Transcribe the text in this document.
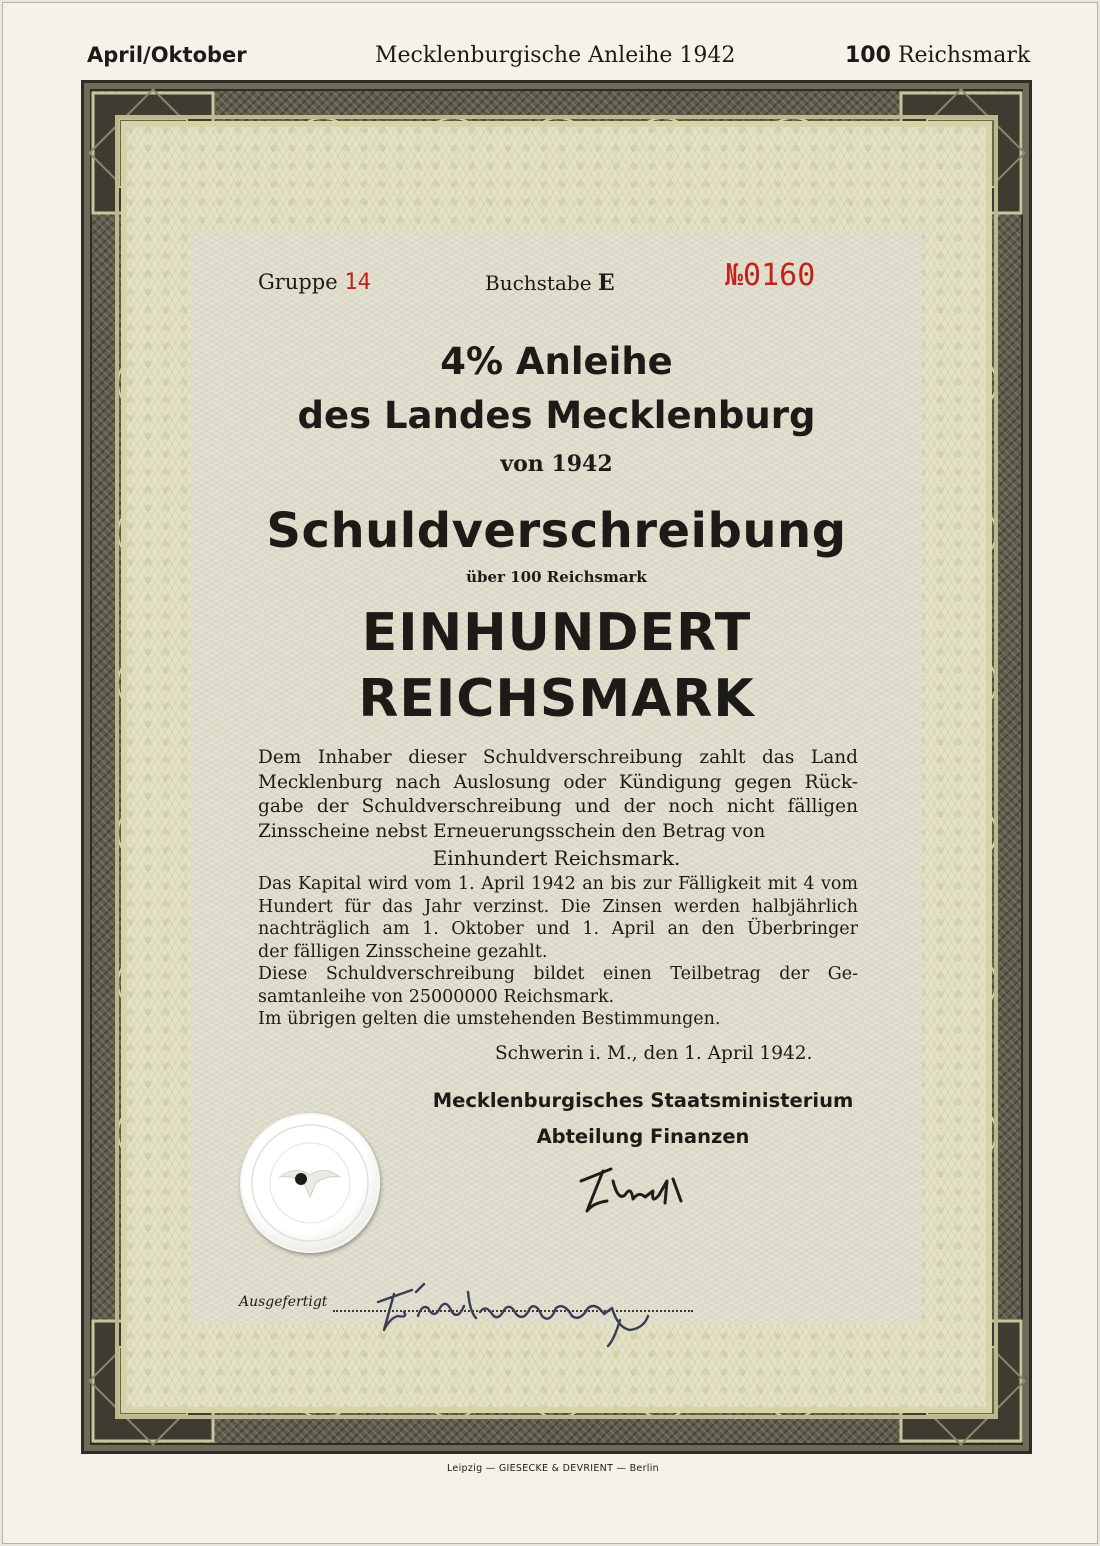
April/Oktober	Mecklenburgische Anleihe 1942	100 Reichsmark
Gruppe 14	Buchstabe E	№0160
4% Anleihe
des Landes Mecklenburg
von 1942
Schuldverschreibung
über 100 Reichsmark
EINHUNDERT
REICHSMARK
Dem Inhaber dieser Schuldverschreibung zahlt das Land
Mecklenburg nach Auslosung oder Kündigung gegen Rück-
gabe der Schuldverschreibung und der noch nicht fälligen
Zinsscheine nebst Erneuerungsschein den Betrag von
Einhundert Reichsmark.
Das Kapital wird vom 1. April 1942 an bis zur Fälligkeit mit 4 vom
Hundert für das Jahr verzinst. Die Zinsen werden halbjährlich
nachträglich am 1. Oktober und 1. April an den Überbringer
der fälligen Zinsscheine gezahlt.
Diese Schuldverschreibung bildet einen Teilbetrag der Ge-
samtanleihe von 25000000 Reichsmark.
Im übrigen gelten die umstehenden Bestimmungen.
Schwerin i. M., den 1. April 1942.
Mecklenburgisches Staatsministerium
Abteilung Finanzen
Ausgefertigt
Leipzig — GIESECKE & DEVRIENT — Berlin
